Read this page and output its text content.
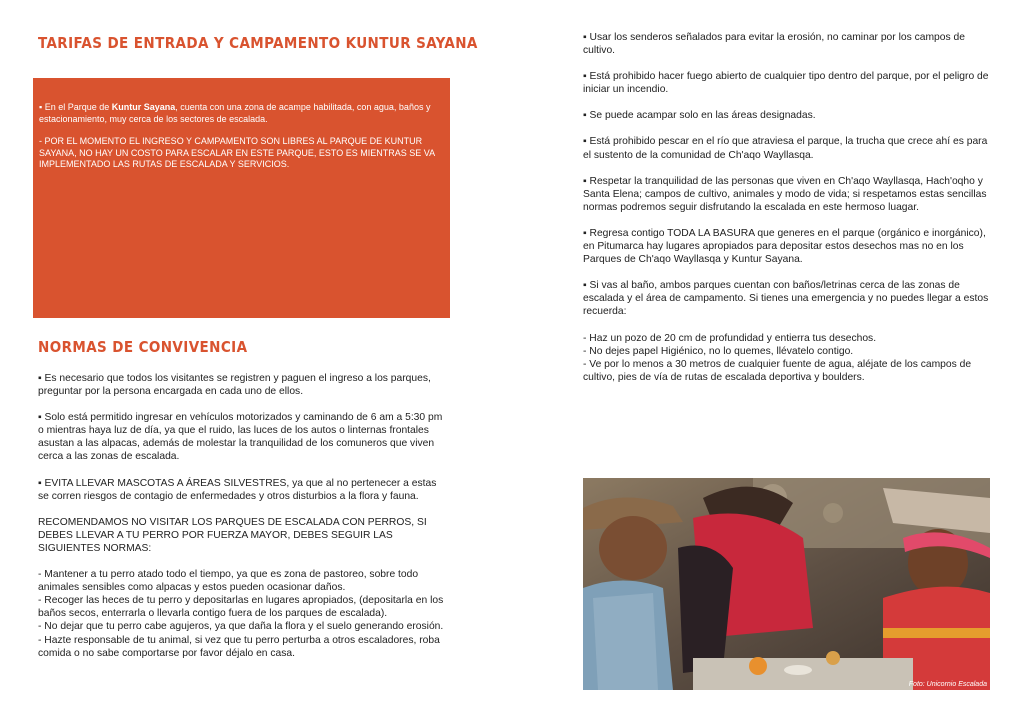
TARIFAS DE ENTRADA Y CAMPAMENTO KUNTUR SAYANA

▪ En el Parque de Kuntur Sayana, cuenta con una zona de acampe habilitada, con agua, baños y estacionamiento, muy cerca de los sectores de escalada.

- POR EL MOMENTO EL INGRESO Y CAMPAMENTO SON LIBRES AL PARQUE DE KUNTUR SAYANA, NO HAY UN COSTO PARA ESCALAR EN ESTE PARQUE, ESTO ES MIENTRAS SE VA IMPLEMENTADO LAS RUTAS DE ESCALADA Y SERVICIOS.

NORMAS DE CONVIVENCIA

▪ Es necesario que todos los visitantes se registren y paguen el ingreso a los parques, preguntar por la persona encargada en cada uno de ellos.

▪ Solo está permitido ingresar en vehículos motorizados y caminando de 6 am a 5:30 pm o mientras haya luz de día, ya que el ruido, las luces de los autos o linternas frontales asustan a las alpacas, además de molestar la tranquilidad de los comuneros que viven cerca a las zonas de escalada.

▪ EVITA LLEVAR MASCOTAS A ÁREAS SILVESTRES, ya que al no pertenecer a estas se corren riesgos de contagio de enfermedades y otros disturbios a la flora y fauna.

RECOMENDAMOS NO VISITAR LOS PARQUES DE ESCALADA CON PERROS, SI DEBES LLEVAR A TU PERRO POR FUERZA MAYOR, DEBES SEGUIR LAS SIGUIENTES NORMAS:

- Mantener a tu perro atado todo el tiempo, ya que es zona de pastoreo, sobre todo animales sensibles como alpacas y estos pueden ocasionar daños.

- Recoger las heces de tu perro y depositarlas en lugares apropiados, (depositarla en los baños secos, enterrarla o llevarla contigo fuera de los parques de escalada).

- No dejar que tu perro cabe agujeros, ya que daña la flora y el suelo generando erosión.

- Hazte responsable de tu animal, si vez que tu perro perturba a otros escaladores, roba comida o no sabe comportarse por favor déjalo en casa.

▪ Usar los senderos señalados para evitar la erosión, no caminar por los campos de cultivo.

▪ Está prohibido hacer fuego abierto de cualquier tipo dentro del parque, por el peligro de iniciar un incendio.

▪ Se puede acampar solo en las áreas designadas.

▪ Está prohibido pescar en el río que atraviesa el parque, la trucha que crece ahí es para el sustento de la comunidad de Ch'aqo Wayllasqa.

▪ Respetar la tranquilidad de las personas que viven en Ch'aqo Wayllasqa, Hach'oqho y Santa Elena; campos de cultivo, animales y modo de vida; si respetamos estas sencillas normas podremos seguir disfrutando la escalada en este hermoso luagar.

▪ Regresa contigo TODA LA BASURA que generes en el parque (orgánico e inorgánico), en Pitumarca hay lugares apropiados para depositar estos desechos mas no en los Parques de Ch'aqo Wayllasqa y Kuntur Sayana.

▪ Si vas al baño, ambos parques cuentan con baños/letrinas cerca de las zonas de escalada y el área de campamento. Si tienes una emergencia y no puedes llegar a estos recuerda:

- Haz un pozo de 20 cm de profundidad y entierra tus desechos.

- No dejes papel Higiénico, no lo quemes, llévatelo contigo.

- Ve por lo menos a 30 metros de cualquier fuente de agua, aléjate de los campos de cultivo, pies de vía de rutas de escalada deportiva y boulders.

Foto: Unicornio Escalada
